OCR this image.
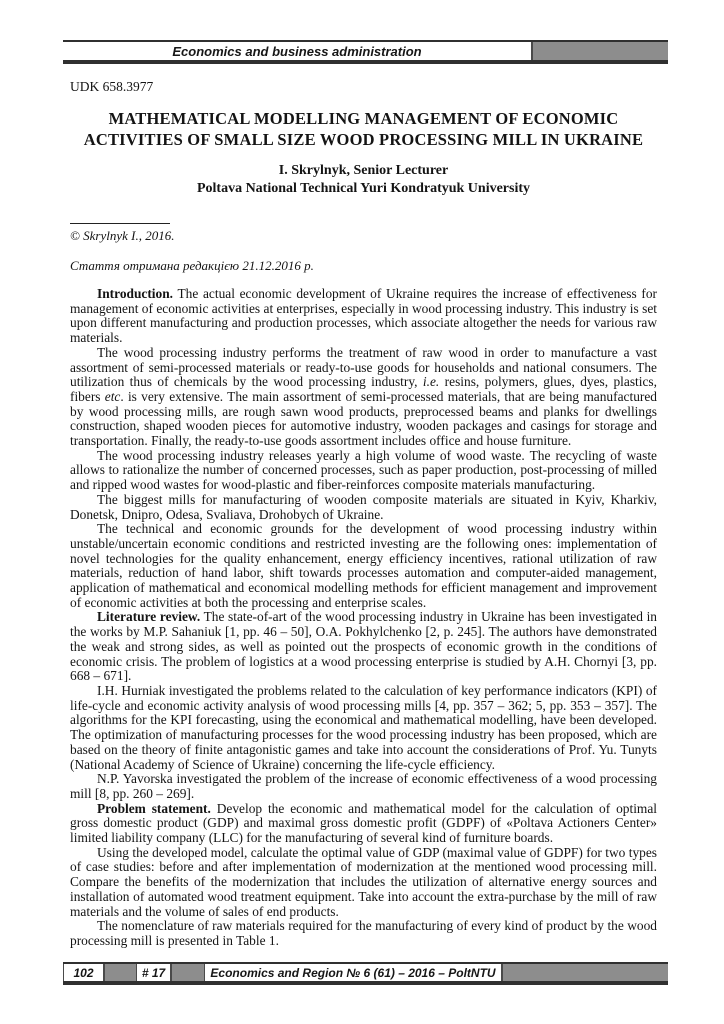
Economics and business administration
UDK 658.3977
MATHEMATICAL MODELLING MANAGEMENT OF ECONOMIC
ACTIVITIES OF SMALL SIZE WOOD PROCESSING MILL IN UKRAINE
I. Skrylnyk, Senior Lecturer
Poltava National Technical Yuri Kondratyuk University
© Skrylnyk I., 2016.
Стаття отримана редакцією 21.12.2016 р.

Introduction. The actual economic development of Ukraine requires the increase of effectiveness for management of economic activities at enterprises, especially in wood processing industry. This industry is set upon different manufacturing and production processes, which associate altogether the needs for various raw materials.

The wood processing industry performs the treatment of raw wood in order to manufacture a vast assortment of semi-processed materials or ready-to-use goods for households and national consumers. The utilization thus of chemicals by the wood processing industry, i.e. resins, polymers, glues, dyes, plastics, fibers etc. is very extensive. The main assortment of semi-processed materials, that are being manufactured by wood processing mills, are rough sawn wood products, preprocessed beams and planks for dwellings construction, shaped wooden pieces for automotive industry, wooden packages and casings for storage and transportation. Finally, the ready-to-use goods assortment includes office and house furniture.

The wood processing industry releases yearly a high volume of wood waste. The recycling of waste allows to rationalize the number of concerned processes, such as paper production, post-processing of milled and ripped wood wastes for wood-plastic and fiber-reinforces composite materials manufacturing.

The biggest mills for manufacturing of wooden composite materials are situated in Kyiv, Kharkiv, Donetsk, Dnipro, Odesa, Svaliava, Drohobych of Ukraine.

The technical and economic grounds for the development of wood processing industry within unstable/uncertain economic conditions and restricted investing are the following ones: implementation of novel technologies for the quality enhancement, energy efficiency incentives, rational utilization of raw materials, reduction of hand labor, shift towards processes automation and computer-aided management, application of mathematical and economical modelling methods for efficient management and improvement of economic activities at both the processing and enterprise scales.

Literature review. The state-of-art of the wood processing industry in Ukraine has been investigated in the works by M.P. Sahaniuk [1, pp. 46 – 50], O.A. Pokhylchenko [2, p. 245]. The authors have demonstrated the weak and strong sides, as well as pointed out the prospects of economic growth in the conditions of economic crisis. The problem of logistics at a wood processing enterprise is studied by A.H. Chornyi [3, pp. 668 – 671].

I.H. Hurniak investigated the problems related to the calculation of key performance indicators (KPI) of life-cycle and economic activity analysis of wood processing mills [4, pp. 357 – 362; 5, pp. 353 – 357]. The algorithms for the KPI forecasting, using the economical and mathematical modelling, have been developed. The optimization of manufacturing processes for the wood processing industry has been proposed, which are based on the theory of finite antagonistic games and take into account the considerations of Prof. Yu. Tunyts (National Academy of Science of Ukraine) concerning the life-cycle efficiency.

N.P. Yavorska investigated the problem of the increase of economic effectiveness of a wood processing mill [8, pp. 260 – 269].

Problem statement. Develop the economic and mathematical model for the calculation of optimal gross domestic product (GDP) and maximal gross domestic profit (GDPF) of «Poltava Actioners Center» limited liability company (LLC) for the manufacturing of several kind of furniture boards.

Using the developed model, calculate the optimal value of GDP (maximal value of GDPF) for two types of case studies: before and after implementation of modernization at the mentioned wood processing mill. Compare the benefits of the modernization that includes the utilization of alternative energy sources and installation of automated wood treatment equipment. Take into account the extra-purchase by the mill of raw materials and the volume of sales of end products.

The nomenclature of raw materials required for the manufacturing of every kind of product by the wood processing mill is presented in Table 1.

102	# 17	Economics and Region № 6 (61) – 2016 – PoltNTU
